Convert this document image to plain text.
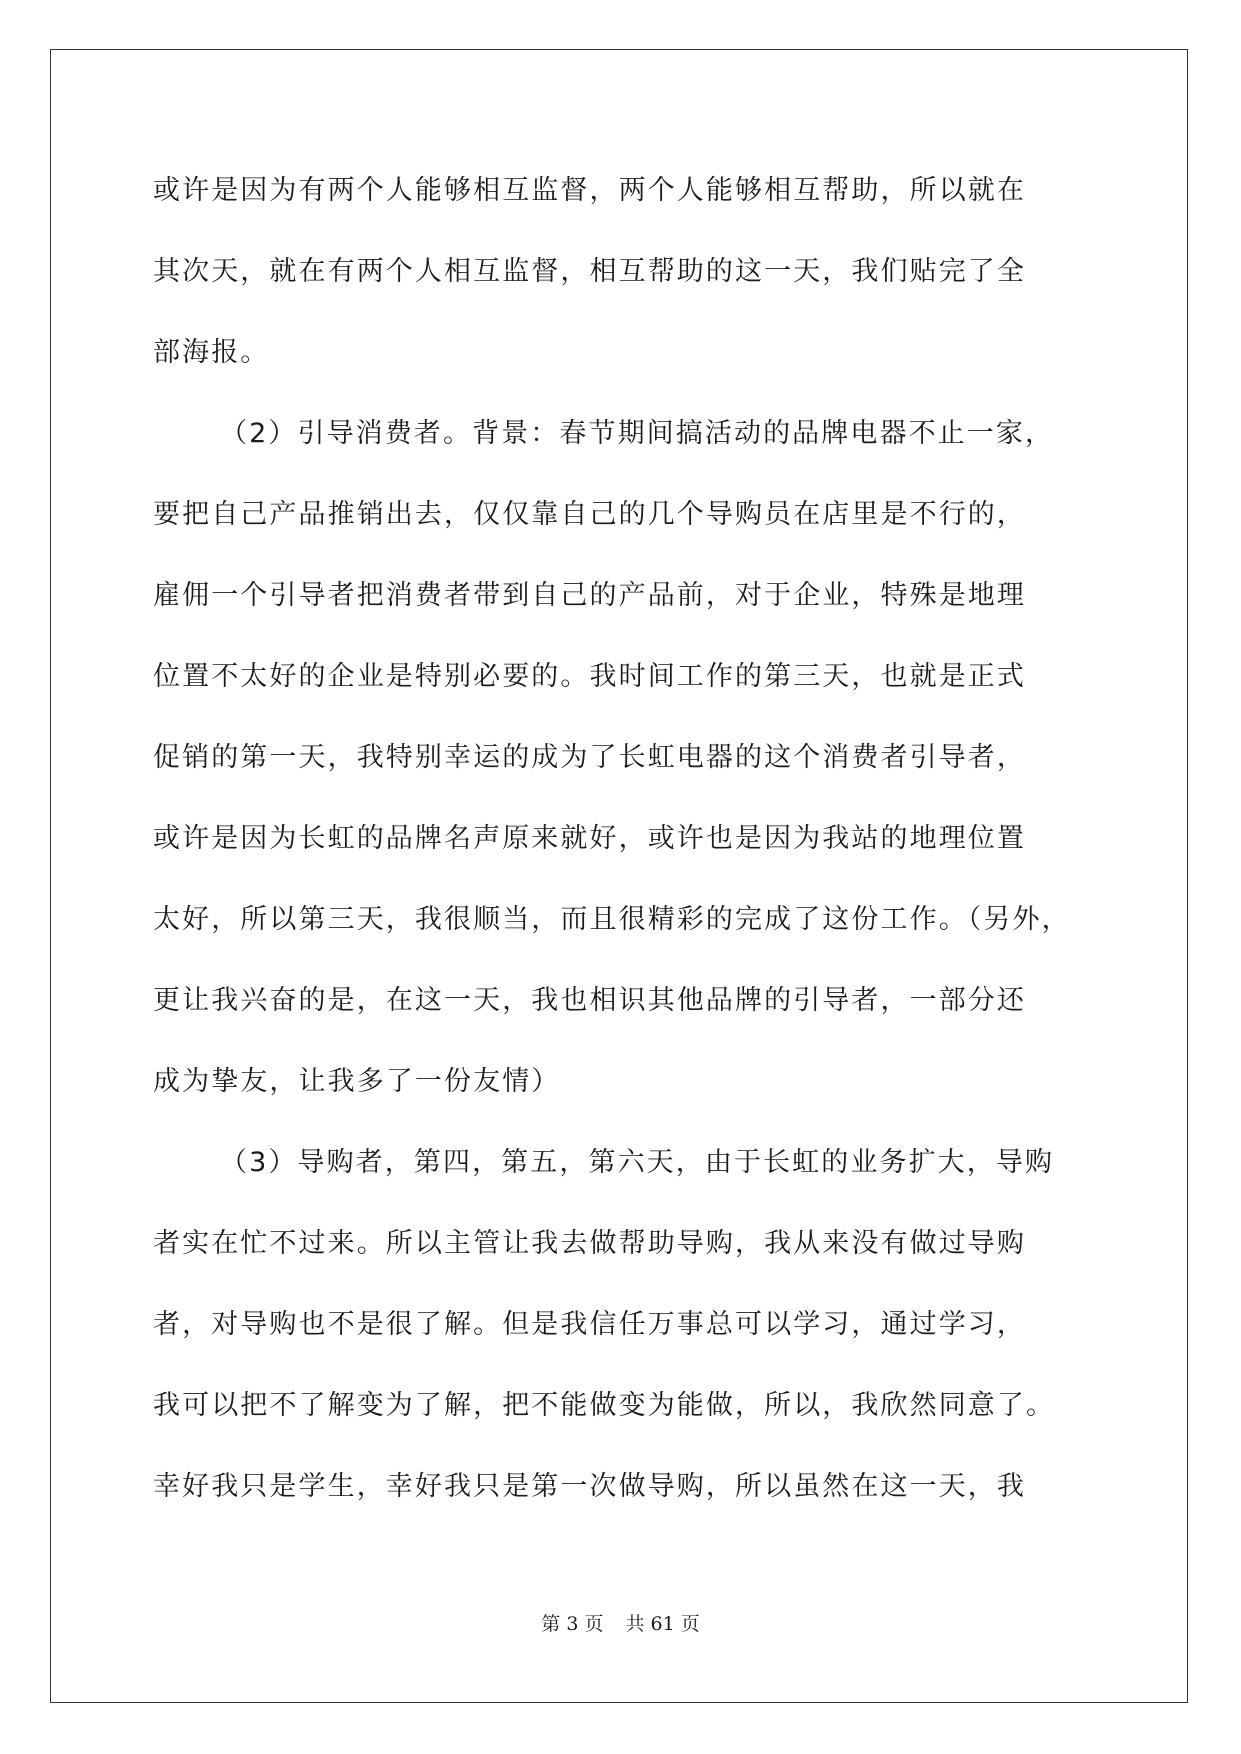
或许是因为有两个人能够相互监督，两个人能够相互帮助，所以就在
其次天，就在有两个人相互监督，相互帮助的这一天，我们贴完了全
部海报。
（2）引导消费者。背景：春节期间搞活动的品牌电器不止一家，
要把自己产品推销出去，仅仅靠自己的几个导购员在店里是不行的，
雇佣一个引导者把消费者带到自己的产品前，对于企业，特殊是地理
位置不太好的企业是特别必要的。我时间工作的第三天，也就是正式
促销的第一天，我特别幸运的成为了长虹电器的这个消费者引导者，
或许是因为长虹的品牌名声原来就好，或许也是因为我站的地理位置
太好，所以第三天，我很顺当，而且很精彩的完成了这份工作。（另外，
更让我兴奋的是，在这一天，我也相识其他品牌的引导者，一部分还
成为挚友，让我多了一份友情）
（3）导购者，第四，第五，第六天，由于长虹的业务扩大，导购
者实在忙不过来。所以主管让我去做帮助导购，我从来没有做过导购
者，对导购也不是很了解。但是我信任万事总可以学习，通过学习，
我可以把不了解变为了解，把不能做变为能做，所以，我欣然同意了。
幸好我只是学生，幸好我只是第一次做导购，所以虽然在这一天，我
第 3 页 共 61 页
